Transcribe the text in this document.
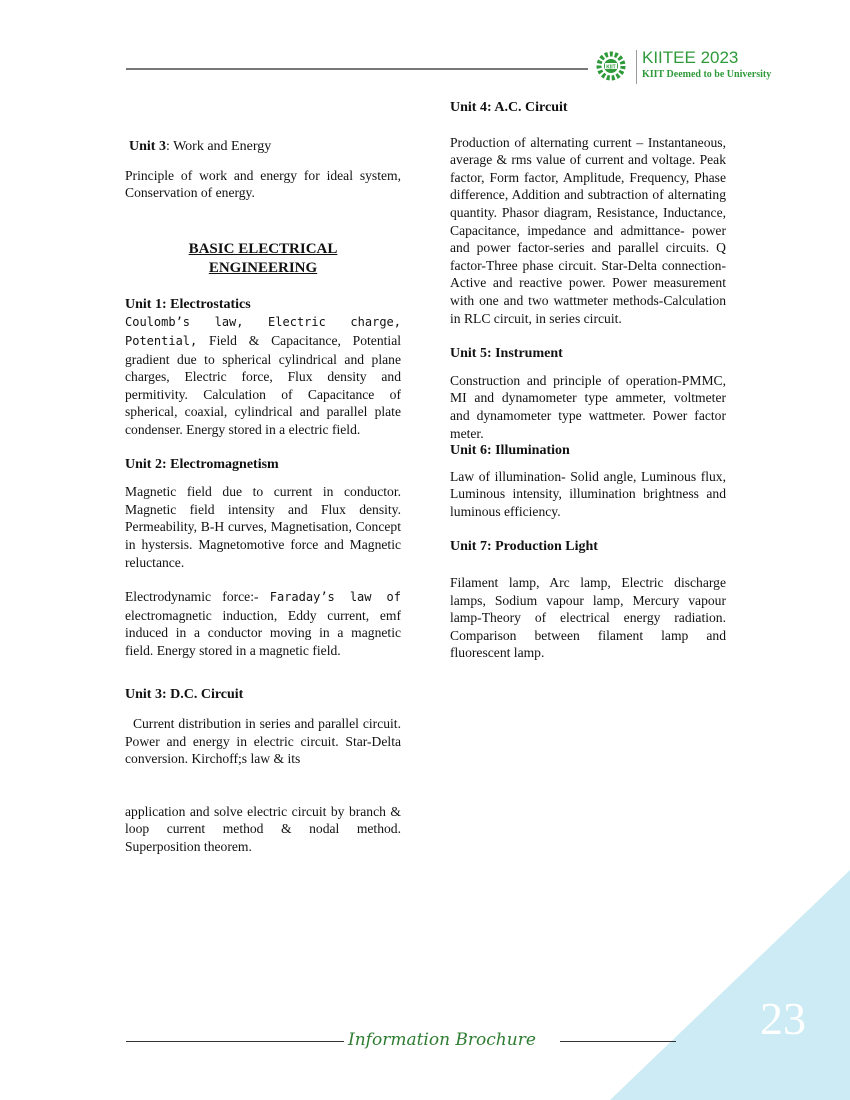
KIIT
KIITEE 2023
KIIT Deemed to be University
Unit 3: Work and Energy

Principle of work and energy for ideal system, Conservation of energy.

BASIC ELECTRICAL
ENGINEERING
Unit 1: Electrostatics

Coulomb’s law, Electric charge, Potential, Field & Capacitance, Potential gradient due to spherical cylindrical and plane charges, Electric force, Flux density and permitivity. Calculation of Capacitance of spherical, coaxial, cylindrical and parallel plate condenser. Energy stored in a electric field.

Unit 2: Electromagnetism

Magnetic field due to current in conductor. Magnetic field intensity and Flux density. Permeability, B-H curves, Magnetisation, Concept in hystersis. Magnetomotive force and Magnetic reluctance.

Electrodynamic force:- Faraday’s law of electromagnetic induction, Eddy current, emf induced in a conductor moving in a magnetic field. Energy stored in a magnetic field.

Unit 3: D.C. Circuit

Current distribution in series and parallel circuit. Power and energy in electric circuit. Star-Delta conversion. Kirchoff;s law & its

application and solve electric circuit by branch & loop current method & nodal method. Superposition theorem.

Unit 4: A.C. Circuit

Production of alternating current – Instantaneous, average & rms value of current and voltage. Peak factor, Form factor, Amplitude, Frequency, Phase difference, Addition and subtraction of alternating quantity. Phasor diagram, Resistance, Inductance, Capacitance, impedance and admittance- power and power factor-series and parallel circuits. Q factor-Three phase circuit. Star-Delta connection-Active and reactive power. Power measurement with one and two wattmeter methods-Calculation in RLC circuit, in series circuit.

Unit 5: Instrument

Construction and principle of operation-PMMC, MI and dynamometer type ammeter, voltmeter and dynamometer type wattmeter. Power factor meter.

Unit 6: Illumination

Law of illumination- Solid angle, Luminous flux, Luminous intensity, illumination brightness and luminous efficiency.

Unit 7: Production Light

Filament lamp, Arc lamp, Electric discharge lamps, Sodium vapour lamp, Mercury vapour lamp-Theory of electrical energy radiation. Comparison between filament lamp and fluorescent lamp.

Information Brochure	23
